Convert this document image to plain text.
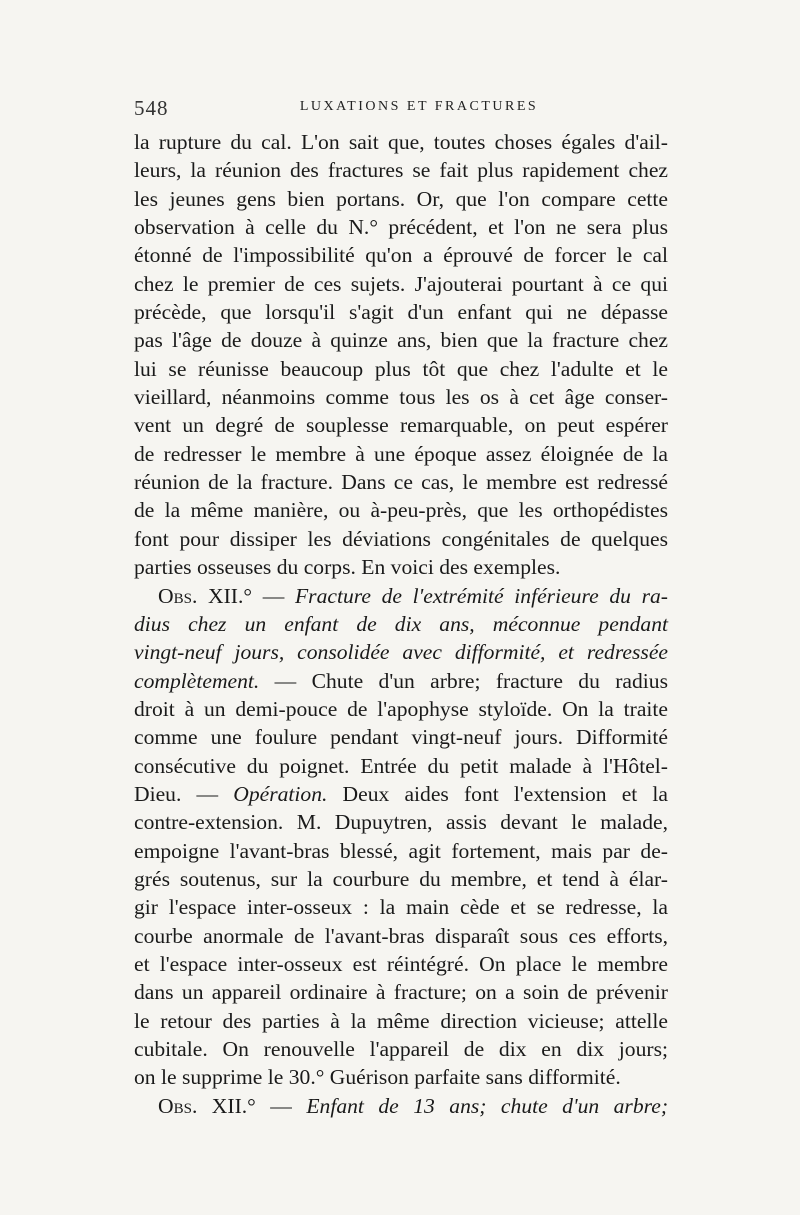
548	LUXATIONS ET FRACTURES
la rupture du cal. L'on sait que, toutes choses égales d'ail-
leurs, la réunion des fractures se fait plus rapidement chez
les jeunes gens bien portans. Or, que l'on compare cette
observation à celle du N.° précédent, et l'on ne sera plus
étonné de l'impossibilité qu'on a éprouvé de forcer le cal
chez le premier de ces sujets. J'ajouterai pourtant à ce qui
précède, que lorsqu'il s'agit d'un enfant qui ne dépasse
pas l'âge de douze à quinze ans, bien que la fracture chez
lui se réunisse beaucoup plus tôt que chez l'adulte et le
vieillard, néanmoins comme tous les os à cet âge conser-
vent un degré de souplesse remarquable, on peut espérer
de redresser le membre à une époque assez éloignée de la
réunion de la fracture. Dans ce cas, le membre est redressé
de la même manière, ou à-peu-près, que les orthopédistes
font pour dissiper les déviations congénitales de quelques
parties osseuses du corps. En voici des exemples.
Obs. XII.° — Fracture de l'extrémité inférieure du ra-
dius chez un enfant de dix ans, méconnue pendant
vingt-neuf jours, consolidée avec difformité, et redressée
complètement. — Chute d'un arbre; fracture du radius
droit à un demi-pouce de l'apophyse styloïde. On la traite
comme une foulure pendant vingt-neuf jours. Difformité
consécutive du poignet. Entrée du petit malade à l'Hôtel-
Dieu. — Opération. Deux aides font l'extension et la
contre-extension. M. Dupuytren, assis devant le malade,
empoigne l'avant-bras blessé, agit fortement, mais par de-
grés soutenus, sur la courbure du membre, et tend à élar-
gir l'espace inter-osseux : la main cède et se redresse, la
courbe anormale de l'avant-bras disparaît sous ces efforts,
et l'espace inter-osseux est réintégré. On place le membre
dans un appareil ordinaire à fracture; on a soin de prévenir
le retour des parties à la même direction vicieuse; attelle
cubitale. On renouvelle l'appareil de dix en dix jours;
on le supprime le 30.° Guérison parfaite sans difformité.
Obs. XII.° — Enfant de 13 ans; chute d'un arbre;
